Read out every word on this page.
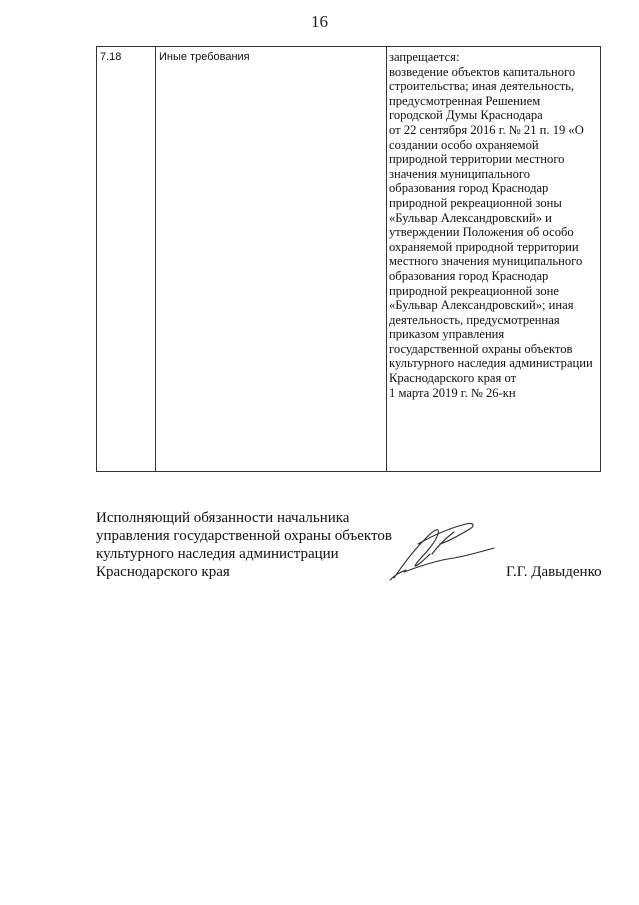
16
7.18	Иные требования	запрещается:
возведение объектов капитального
строительства; иная деятельность,
предусмотренная Решением
городской Думы Краснодара
от 22 сентября 2016 г. № 21 п. 19 «О
создании особо охраняемой
природной территории местного
значения муниципального
образования город Краснодар
природной рекреационной зоны
«Бульвар Александровский» и
утверждении Положения об особо
охраняемой природной территории
местного значения муниципального
образования город Краснодар
природной рекреационной зоне
«Бульвар Александровский»; иная
деятельность, предусмотренная
приказом управления
государственной охраны объектов
культурного наследия администрации
Краснодарского края от
1 марта 2019 г. № 26-кн
Исполняющий обязанности начальника
управления государственной охраны объектов
культурного наследия администрации
Краснодарского края	Г.Г. Давыденко
